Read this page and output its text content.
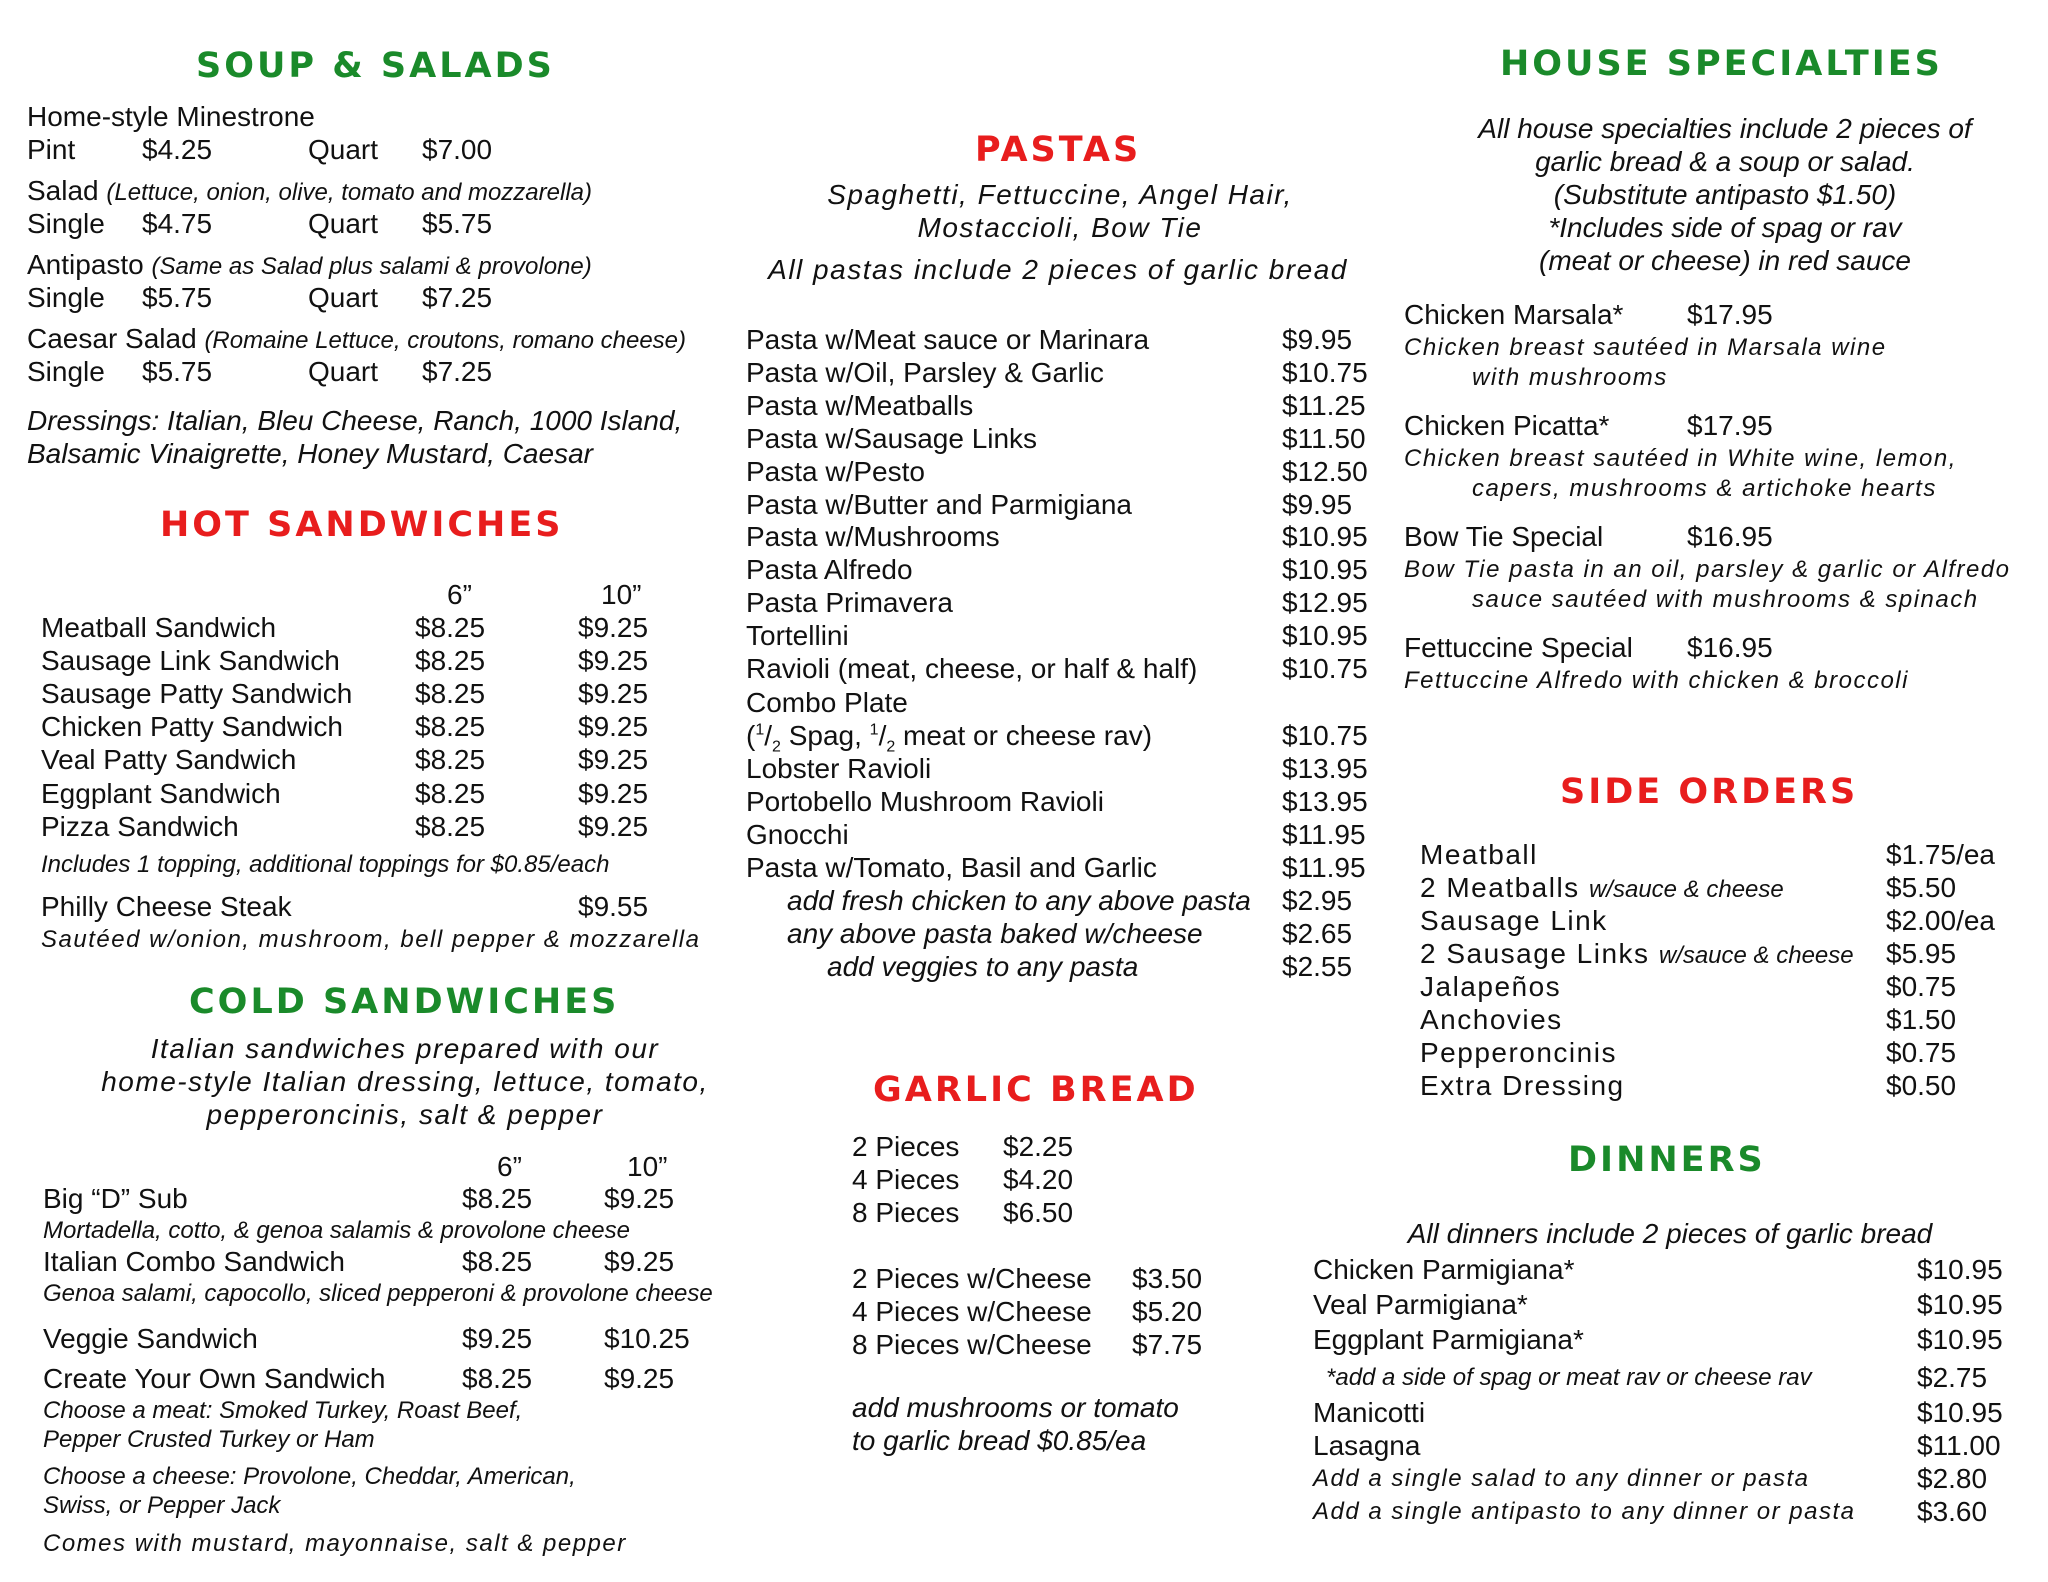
SOUP & SALADS
Home-style Minestrone
Pint $4.25	Quart $7.00
Salad (Lettuce, onion, olive, tomato and mozzarella)
Single $4.75	Quart $5.75
Antipasto (Same as Salad plus salami & provolone)
Single $5.75	Quart $7.25
Caesar Salad (Romaine Lettuce, croutons, romano cheese)
Single $5.75	Quart $7.25
Dressings: Italian, Bleu Cheese, Ranch, 1000 Island,
Balsamic Vinaigrette, Honey Mustard, Caesar
HOT SANDWICHES
6”	10”
Meatball Sandwich	$8.25	$9.25
Sausage Link Sandwich	$8.25	$9.25
Sausage Patty Sandwich $8.25	$9.25
Chicken Patty Sandwich	$8.25	$9.25
Veal Patty Sandwich	$8.25	$9.25
Eggplant Sandwich	$8.25	$9.25
Pizza Sandwich	$8.25	$9.25
Includes 1 topping, additional toppings for $0.85/each
Philly Cheese Steak	$9.55
Sautéed w/onion, mushroom, bell pepper & mozzarella
COLD SANDWICHES
Italian sandwiches prepared with our
home-style Italian dressing, lettuce, tomato,
pepperoncinis, salt & pepper
6”	10”
Big “D” Sub	$8.25	$9.25
Mortadella, cotto, & genoa salamis & provolone cheese
Italian Combo Sandwich	$8.25	$9.25
Genoa salami, capocollo, sliced pepperoni & provolone cheese
Veggie Sandwich	$9.25	$10.25
Create Your Own Sandwich	$8.25	$9.25
Choose a meat: Smoked Turkey, Roast Beef,
Pepper Crusted Turkey or Ham
Choose a cheese: Provolone, Cheddar, American,
Swiss, or Pepper Jack
Comes with mustard, mayonnaise, salt & pepper
PASTAS
Spaghetti, Fettuccine, Angel Hair,
Mostaccioli, Bow Tie
All pastas include 2 pieces of garlic bread
Pasta w/Meat sauce or Marinara	$9.95
Pasta w/Oil, Parsley & Garlic	$10.75
Pasta w/Meatballs	$11.25
Pasta w/Sausage Links	$11.50
Pasta w/Pesto	$12.50
Pasta w/Butter and Parmigiana	$9.95
Pasta w/Mushrooms	$10.95
Pasta Alfredo	$10.95
Pasta Primavera	$12.95
Tortellini	$10.95
Ravioli (meat, cheese, or half & half)	$10.75
Combo Plate
($^1/_2$ Spag, $^1/_2$ meat or cheese rav)	$10.75
Lobster Ravioli	$13.95
Portobello Mushroom Ravioli	$13.95
Gnocchi	$11.95
Pasta w/Tomato, Basil and Garlic	$11.95
add fresh chicken to any above pasta $2.95
any above pasta baked w/cheese	$2.65
add veggies to any pasta	$2.55
GARLIC BREAD
2 Pieces $2.25
4 Pieces $4.20
8 Pieces $6.50
2 Pieces w/Cheese $3.50
4 Pieces w/Cheese $5.20
8 Pieces w/Cheese $7.75
add mushrooms or tomato
to garlic bread $0.85/ea
HOUSE SPECIALTIES
All house specialties include 2 pieces of
garlic bread & a soup or salad.
(Substitute antipasto $1.50)
*Includes side of spag or rav
(meat or cheese) in red sauce
Chicken Marsala* $17.95
Chicken breast sautéed in Marsala wine
with mushrooms
Chicken Picatta*	$17.95
Chicken breast sautéed in White wine, lemon,
capers, mushrooms & artichoke hearts
Bow Tie Special	$16.95
Bow Tie pasta in an oil, parsley & garlic or Alfredo
sauce sautéed with mushrooms & spinach
Fettuccine Special $16.95
Fettuccine Alfredo with chicken & broccoli
SIDE ORDERS
Meatball	$1.75/ea
2 Meatballs w/sauce & cheese	$5.50
Sausage Link	$2.00/ea
2 Sausage Links w/sauce & cheese $5.95
Jalapeños	$0.75
Anchovies	$1.50
Pepperoncinis	$0.75
Extra Dressing	$0.50
DINNERS
All dinners include 2 pieces of garlic bread
Chicken Parmigiana*	$10.95
Veal Parmigiana*	$10.95
Eggplant Parmigiana*	$10.95
*add a side of spag or meat rav or cheese rav	$2.75
Manicotti	$10.95
Lasagna	$11.00
Add a single salad to any dinner or pasta	$2.80
Add a single antipasto to any dinner or pasta $3.60
